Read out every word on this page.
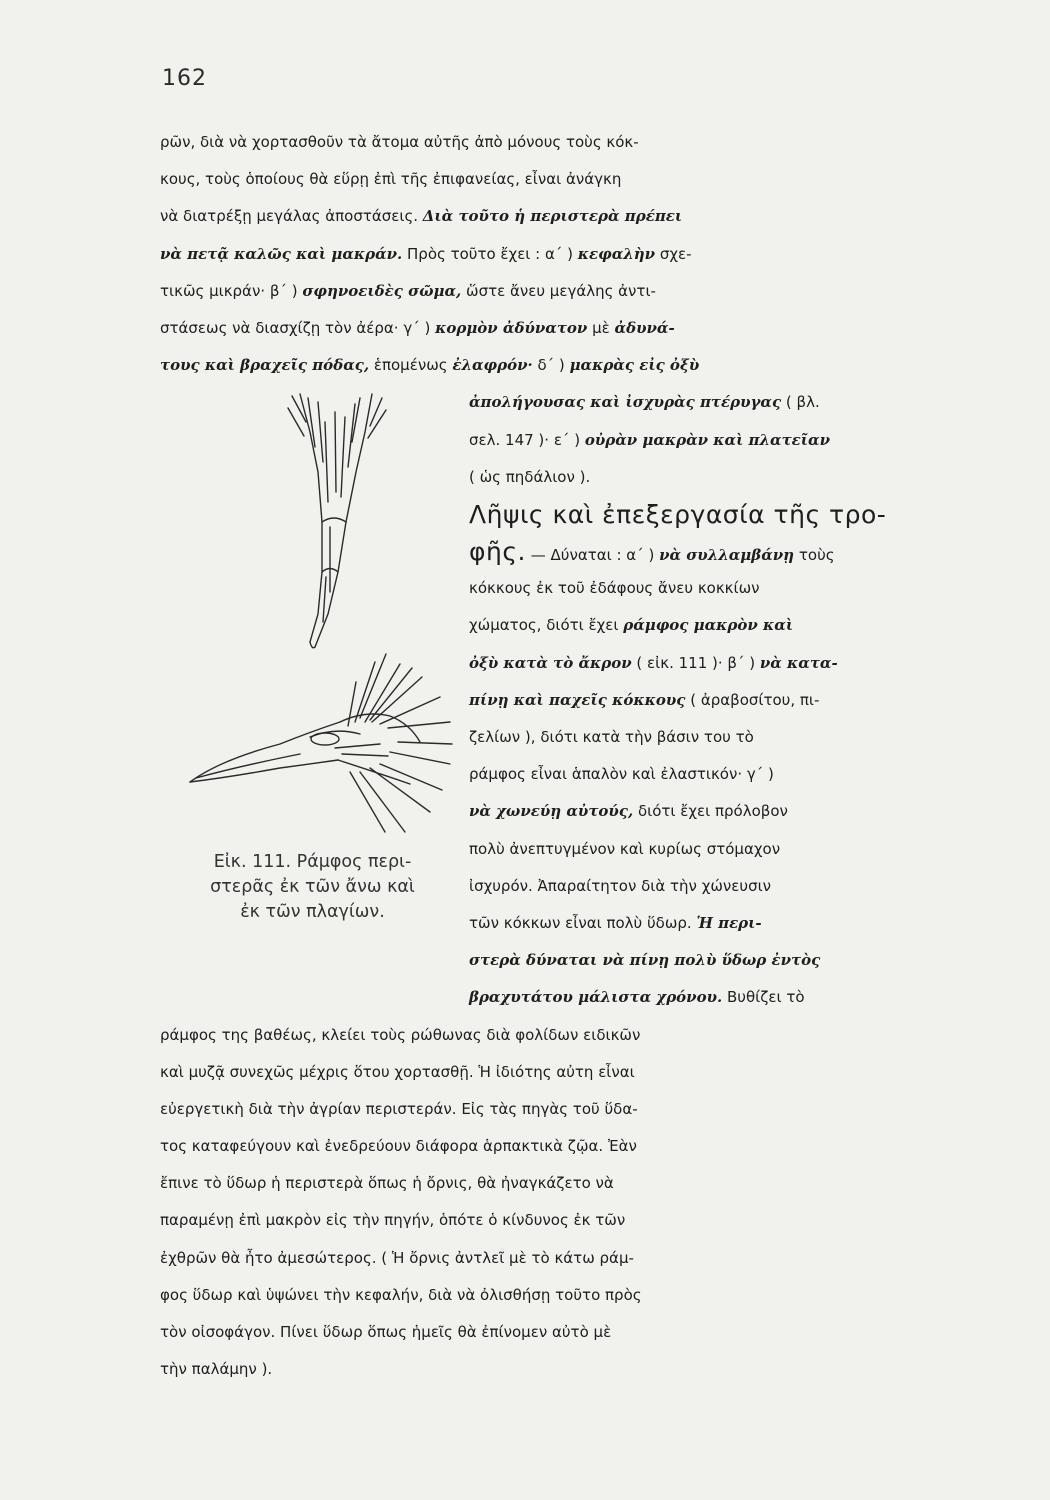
162
ρῶν, διὰ νὰ χορτασθοῦν τὰ ἄτομα αὐτῆς ἀπὸ μόνους τοὺς κόκ-
κους, τοὺς ὁποίους θὰ εὕρῃ ἐπὶ τῆς ἐπιφανείας, εἶναι ἀνάγκη
νὰ διατρέξῃ μεγάλας ἀποστάσεις. Διὰ τοῦτο ἡ περιστερὰ πρέπει
νὰ πετᾷ καλῶς καὶ μακράν. Πρὸς τοῦτο ἔχει : α΄ ) κεφαλὴν σχε-
τικῶς μικράν· β΄ ) σφηνοειδὲς σῶμα, ὥστε ἄνευ μεγάλης ἀντι-
στάσεως νὰ διασχίζῃ τὸν ἀέρα· γ΄ ) κορμὸν ἀδύνατον μὲ ἀδυνά-
τους καὶ βραχεῖς πόδας, ἑπομένως ἐλαφρόν· δ΄ ) μακρὰς εἰς ὀξὺ
ἀπολήγουσας καὶ ἰσχυρὰς πτέρυγας ( βλ.
σελ. 147 )· ε΄ ) οὐρὰν μακρὰν καὶ πλατεῖαν
( ὡς πηδάλιον ).
Λῆψις καὶ ἐπεξεργασία τῆς τρο-
φῆς. — Δύναται : α΄ ) νὰ συλλαμβάνῃ τοὺς
κόκκους ἐκ τοῦ ἐδάφους ἄνευ κοκκίων
χώματος, διότι ἔχει ράμφος μακρὸν καὶ
ὀξὺ κατὰ τὸ ἄκρον ( εἰκ. 111 )· β΄ ) νὰ κατα-
πίνῃ καὶ παχεῖς κόκκους ( ἀραβοσίτου, πι-
ζελίων ), διότι κατὰ τὴν βάσιν του τὸ
ράμφος εἶναι ἁπαλὸν καὶ ἐλαστικόν· γ΄ )
νὰ χωνεύῃ αὐτούς, διότι ἔχει πρόλοβον
πολὺ ἀνεπτυγμένον καὶ κυρίως στόμαχον
ἰσχυρόν. Ἀπαραίτητον διὰ τὴν χώνευσιν
τῶν κόκκων εἶναι πολὺ ὕδωρ. Ἡ περι-
στερὰ δύναται νὰ πίνῃ πολὺ ὕδωρ ἐντὸς
βραχυτάτου μάλιστα χρόνου. Βυθίζει τὸ
ράμφος της βαθέως, κλείει τοὺς ρώθωνας διὰ φολίδων ειδικῶν
καὶ μυζᾷ συνεχῶς μέχρις ὅτου χορτασθῇ. Ἡ ἰδιότης αὐτη εἶναι
εὐεργετικὴ διὰ τὴν ἀγρίαν περιστεράν. Εἰς τὰς πηγὰς τοῦ ὕδα-
τος καταφεύγουν καὶ ἐνεδρεύουν διάφορα ἁρπακτικὰ ζῷα. Ἐὰν
ἔπινε τὸ ὕδωρ ἡ περιστερὰ ὅπως ἡ ὄρνις, θὰ ἠναγκάζετο νὰ
παραμένῃ ἐπὶ μακρὸν εἰς τὴν πηγήν, ὁπότε ὁ κίνδυνος ἐκ τῶν
ἐχθρῶν θὰ ἦτο ἀμεσώτερος. ( Ἡ ὄρνις ἀντλεῖ μὲ τὸ κάτω ράμ-
φος ὕδωρ καὶ ὑψώνει τὴν κεφαλήν, διὰ νὰ ὀλισθήσῃ τοῦτο πρὸς
τὸν οἰσοφάγον. Πίνει ὕδωρ ὅπως ἡμεῖς θὰ ἐπίνομεν αὐτὸ μὲ
τὴν παλάμην ).
Εἰκ. 111. Ράμφος περι-
στερᾶς ἐκ τῶν ἄνω καὶ
ἐκ τῶν πλαγίων.
